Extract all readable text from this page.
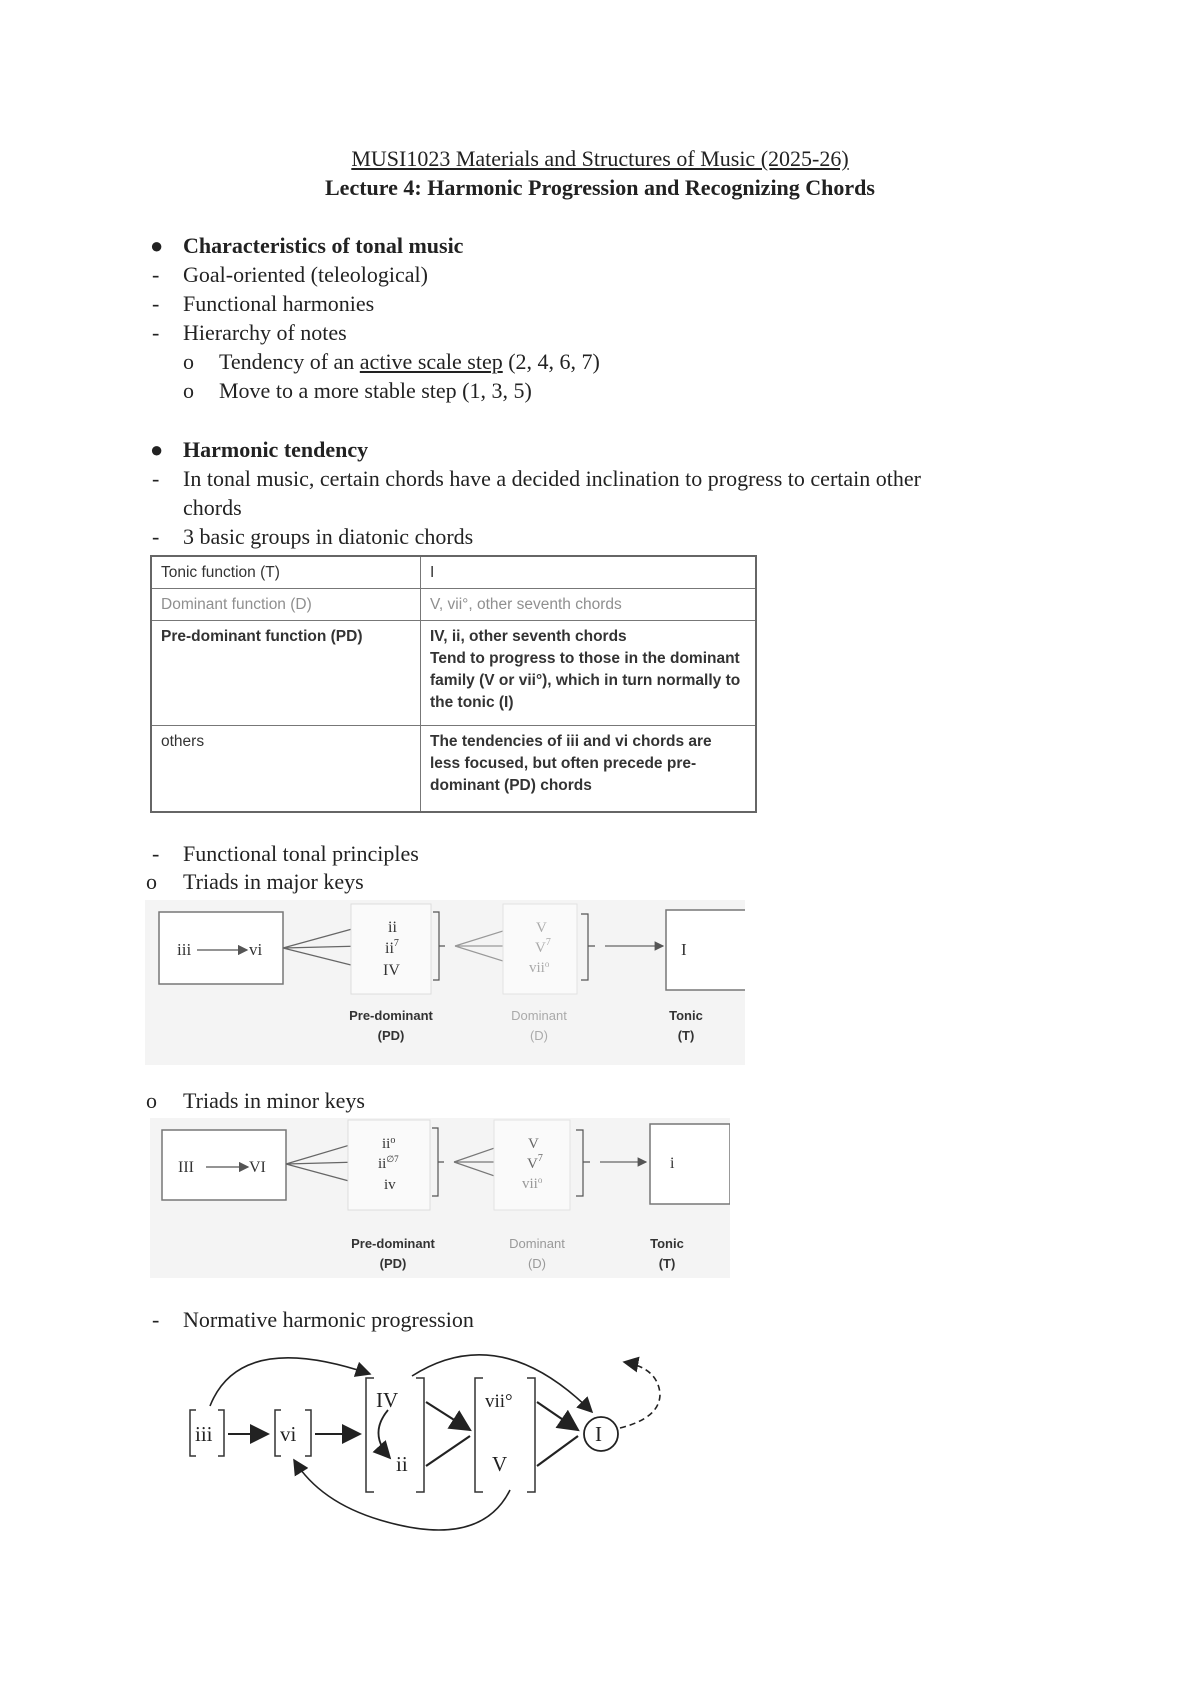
MUSI1023 Materials and Structures of Music (2025-26)
Lecture 4: Harmonic Progression and Recognizing Chords
● Characteristics of tonal music
- Goal-oriented (teleological)
- Functional harmonies
- Hierarchy of notes
o Tendency of an active scale step (2, 4, 6, 7)
o Move to a more stable step (1, 3, 5)
● Harmonic tendency
- In tonal music, certain chords have a decided inclination to progress to certain other
chords
- 3 basic groups in diatonic chords
Tonic function (T)	I
Dominant function (D)	V, vii°, other seventh chords
Pre-dominant function (PD)	IV, ii, other seventh chords
Tend to progress to those in the dominant family (V or vii°), which in turn normally to the tonic (I)

others	The tendencies of iii and vi chords are less focused, but often precede pre-dominant (PD) chords
- Functional tonal principles
o Triads in major keys
iii	vi
ii
$ii^7$
IV
V
$V^7$
vii$^o$
I
Pre-dominant
(PD)
Dominant
(D)
Tonic
(T)
o Triads in minor keys
III	VI
$ii^o$
$ii^{\emptyset 7}$
iv
V
$V^7$
vii$^o$
i
Pre-dominant
(PD)
Dominant
(D)
Tonic
(T)
- Normative harmonic progression
iii	vi
IV
ii
vii°
V
I
